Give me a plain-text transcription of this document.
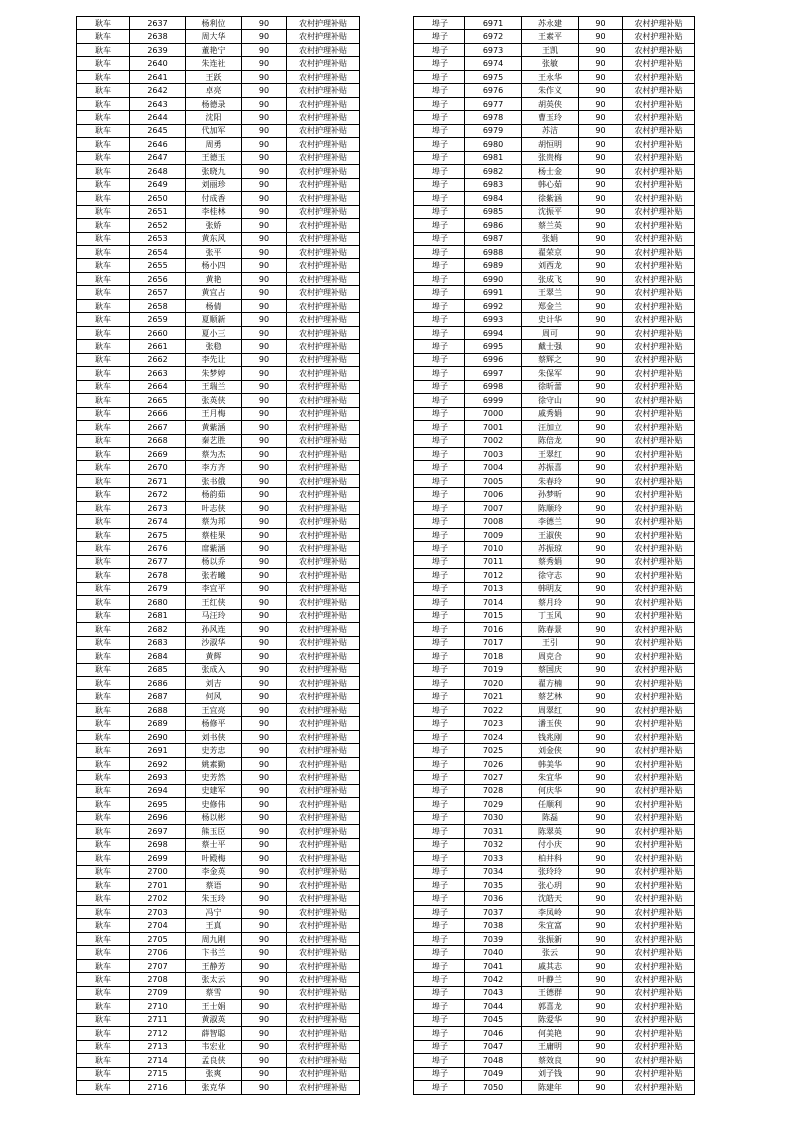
耿车	2637	杨利位	90	农村护理补贴
耿车	2638	周大华	90	农村护理补贴
耿车	2639	董艳宁	90	农村护理补贴
耿车	2640	朱连社	90	农村护理补贴
耿车	2641	王跃	90	农村护理补贴
耿车	2642	卓亮	90	农村护理补贴
耿车	2643	杨德录	90	农村护理补贴
耿车	2644	沈阳	90	农村护理补贴
耿车	2645	代加军	90	农村护理补贴
耿车	2646	周勇	90	农村护理补贴
耿车	2647	王德玉	90	农村护理补贴
耿车	2648	张晓九	90	农村护理补贴
耿车	2649	刘丽珍	90	农村护理补贴
耿车	2650	付成香	90	农村护理补贴
耿车	2651	李桂林	90	农村护理补贴
耿车	2652	张娇	90	农村护理补贴
耿车	2653	黄东风	90	农村护理补贴
耿车	2654	张平	90	农村护理补贴
耿车	2655	杨小四	90	农村护理补贴
耿车	2656	黄艳	90	农村护理补贴
耿车	2657	黄宜占	90	农村护理补贴
耿车	2658	杨倩	90	农村护理补贴
耿车	2659	夏顺新	90	农村护理补贴
耿车	2660	夏小三	90	农村护理补贴
耿车	2661	张稳	90	农村护理补贴
耿车	2662	李先让	90	农村护理补贴
耿车	2663	朱梦婷	90	农村护理补贴
耿车	2664	王瑞兰	90	农村护理补贴
耿车	2665	张英侠	90	农村护理补贴
耿车	2666	王月梅	90	农村护理补贴
耿车	2667	黄紫涵	90	农村护理补贴
耿车	2668	秦艺胜	90	农村护理补贴
耿车	2669	蔡为杰	90	农村护理补贴
耿车	2670	李方齐	90	农村护理补贴
耿车	2671	张书俄	90	农村护理补贴
耿车	2672	杨韵茹	90	农村护理补贴
耿车	2673	叶志侠	90	农村护理补贴
耿车	2674	蔡为邦	90	农村护理补贴
耿车	2675	蔡桂果	90	农村护理补贴
耿车	2676	席紫涵	90	农村护理补贴
耿车	2677	杨以乔	90	农村护理补贴
耿车	2678	张若曦	90	农村护理补贴
耿车	2679	李宜平	90	农村护理补贴
耿车	2680	王红侠	90	农村护理补贴
耿车	2681	马汪玲	90	农村护理补贴
耿车	2682	孙风连	90	农村护理补贴
耿车	2683	沙淑华	90	农村护理补贴
耿车	2684	黄辉	90	农村护理补贴
耿车	2685	张成入	90	农村护理补贴
耿车	2686	刘吉	90	农村护理补贴
耿车	2687	何风	90	农村护理补贴
耿车	2688	王宜亮	90	农村护理补贴
耿车	2689	杨修平	90	农村护理补贴
耿车	2690	刘书侠	90	农村护理补贴
耿车	2691	史芳忠	90	农村护理补贴
耿车	2692	姚素勤	90	农村护理补贴
耿车	2693	史芳然	90	农村护理补贴
耿车	2694	史建军	90	农村护理补贴
耿车	2695	史修伟	90	农村护理补贴
耿车	2696	杨以彬	90	农村护理补贴
耿车	2697	熊玉臣	90	农村护理补贴
耿车	2698	蔡士平	90	农村护理补贴
耿车	2699	叶殿梅	90	农村护理补贴
耿车	2700	李金英	90	农村护理补贴
耿车	2701	蔡语	90	农村护理补贴
耿车	2702	朱玉玲	90	农村护理补贴
耿车	2703	冯宁	90	农村护理补贴
耿车	2704	王真	90	农村护理补贴
耿车	2705	周九刚	90	农村护理补贴
耿车	2706	卞书兰	90	农村护理补贴
耿车	2707	王静芳	90	农村护理补贴
耿车	2708	张太云	90	农村护理补贴
耿车	2709	蔡雪	90	农村护理补贴
耿车	2710	王士娟	90	农村护理补贴
耿车	2711	黄淑英	90	农村护理补贴
耿车	2712	薛智聪	90	农村护理补贴
耿车	2713	韦宏业	90	农村护理补贴
耿车	2714	孟良侠	90	农村护理补贴
耿车	2715	张爽	90	农村护理补贴
耿车	2716	张克华	90	农村护理补贴
埠子	6971	苏永建	90	农村护理补贴
埠子	6972	王素平	90	农村护理补贴
埠子	6973	王凯	90	农村护理补贴
埠子	6974	张敏	90	农村护理补贴
埠子	6975	王永华	90	农村护理补贴
埠子	6976	朱作义	90	农村护理补贴
埠子	6977	胡英侠	90	农村护理补贴
埠子	6978	曹玉玲	90	农村护理补贴
埠子	6979	苏洁	90	农村护理补贴
埠子	6980	胡恒明	90	农村护理补贴
埠子	6981	张贵梅	90	农村护理补贴
埠子	6982	杨士金	90	农村护理补贴
埠子	6983	韩心茹	90	农村护理补贴
埠子	6984	徐紫涵	90	农村护理补贴
埠子	6985	沈振平	90	农村护理补贴
埠子	6986	蔡兰英	90	农村护理补贴
埠子	6987	张娟	90	农村护理补贴
埠子	6988	翟荣京	90	农村护理补贴
埠子	6989	刘西龙	90	农村护理补贴
埠子	6990	张成飞	90	农村护理补贴
埠子	6991	王翠兰	90	农村护理补贴
埠子	6992	郑金兰	90	农村护理补贴
埠子	6993	史计华	90	农村护理补贴
埠子	6994	周可	90	农村护理补贴
埠子	6995	戴士强	90	农村护理补贴
埠子	6996	蔡辉之	90	农村护理补贴
埠子	6997	朱保军	90	农村护理补贴
埠子	6998	徐昕蕾	90	农村护理补贴
埠子	6999	徐守山	90	农村护理补贴
埠子	7000	戚秀娟	90	农村护理补贴
埠子	7001	汪加立	90	农村护理补贴
埠子	7002	陈倍龙	90	农村护理补贴
埠子	7003	王翠红	90	农村护理补贴
埠子	7004	苏振喜	90	农村护理补贴
埠子	7005	朱春玲	90	农村护理补贴
埠子	7006	孙梦昕	90	农村护理补贴
埠子	7007	陈顺玲	90	农村护理补贴
埠子	7008	李德兰	90	农村护理补贴
埠子	7009	王淑侠	90	农村护理补贴
埠子	7010	苏振琼	90	农村护理补贴
埠子	7011	蔡秀娟	90	农村护理补贴
埠子	7012	徐守志	90	农村护理补贴
埠子	7013	韩明友	90	农村护理补贴
埠子	7014	蔡月玲	90	农村护理补贴
埠子	7015	丁玉风	90	农村护理补贴
埠子	7016	陈春景	90	农村护理补贴
埠子	7017	王引	90	农村护理补贴
埠子	7018	周克合	90	农村护理补贴
埠子	7019	蔡国庆	90	农村护理补贴
埠子	7020	翟方楠	90	农村护理补贴
埠子	7021	蔡艺林	90	农村护理补贴
埠子	7022	周翠红	90	农村护理补贴
埠子	7023	潘玉侠	90	农村护理补贴
埠子	7024	钱兆刚	90	农村护理补贴
埠子	7025	刘金侠	90	农村护理补贴
埠子	7026	韩美华	90	农村护理补贴
埠子	7027	朱宜华	90	农村护理补贴
埠子	7028	何庆华	90	农村护理补贴
埠子	7029	任顺利	90	农村护理补贴
埠子	7030	陈磊	90	农村护理补贴
埠子	7031	陈翠英	90	农村护理补贴
埠子	7032	付小庆	90	农村护理补贴
埠子	7033	柏井科	90	农村护理补贴
埠子	7034	张玲玲	90	农村护理补贴
埠子	7035	张心玥	90	农村护理补贴
埠子	7036	沈皓天	90	农村护理补贴
埠子	7037	李凤岭	90	农村护理补贴
埠子	7038	朱宜富	90	农村护理补贴
埠子	7039	张振新	90	农村护理补贴
埠子	7040	张云	90	农村护理补贴
埠子	7041	戚其志	90	农村护理补贴
埠子	7042	叶静兰	90	农村护理补贴
埠子	7043	王德群	90	农村护理补贴
埠子	7044	郭喜龙	90	农村护理补贴
埠子	7045	陈爱华	90	农村护理补贴
埠子	7046	何美艳	90	农村护理补贴
埠子	7047	王庸明	90	农村护理补贴
埠子	7048	蔡效良	90	农村护理补贴
埠子	7049	刘子钱	90	农村护理补贴
埠子	7050	陈建年	90	农村护理补贴
